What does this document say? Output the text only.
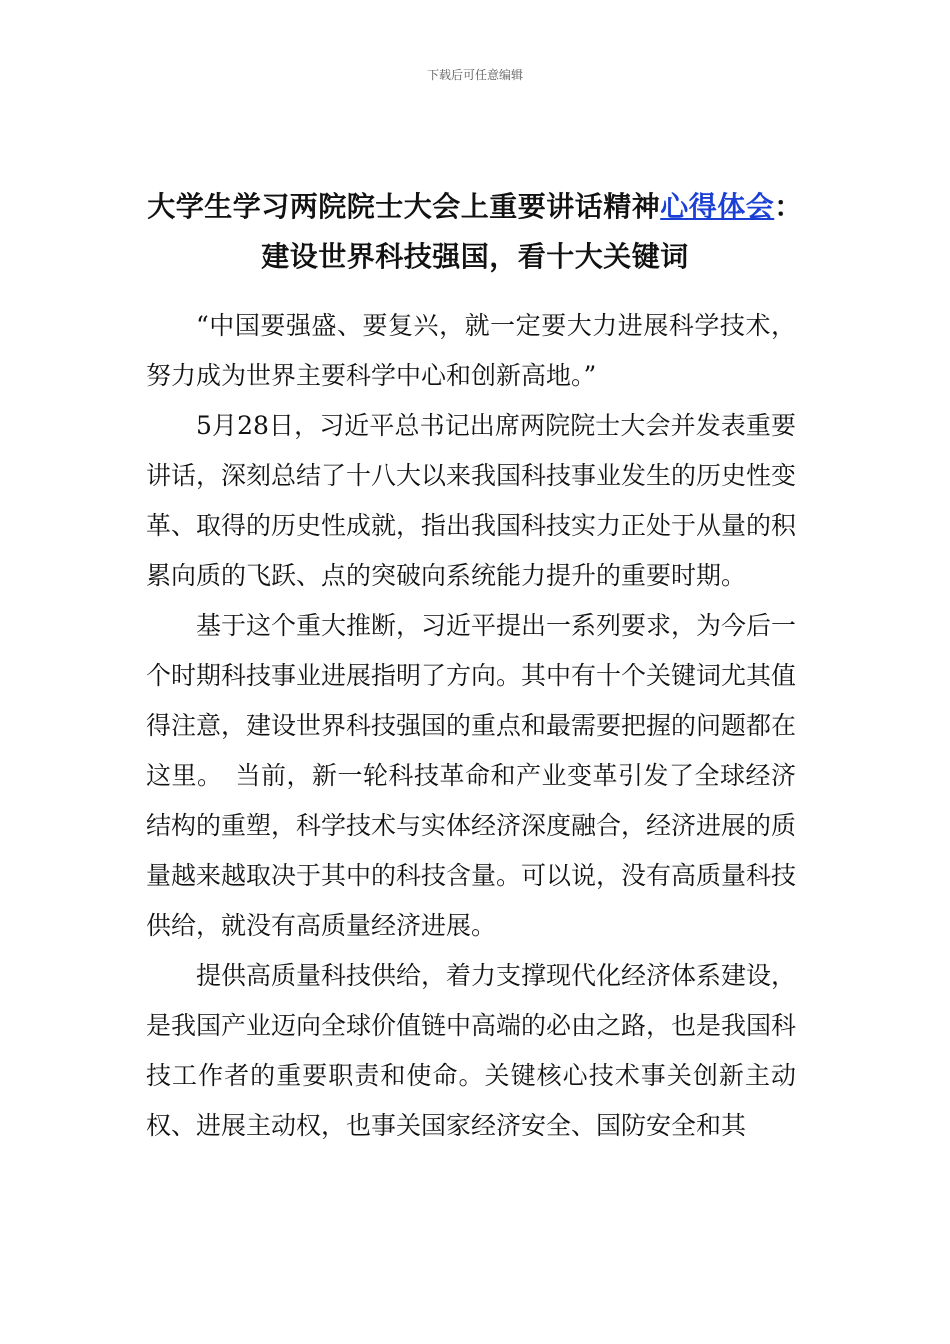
下载后可任意编辑
大学生学习两院院士大会上重要讲话精神心得体会：
建设世界科技强国，看十大关键词

“中国要强盛、要复兴，就一定要大力进展科学技术，努力成为世界主要科学中心和创新高地。”

5月28日，习近平总书记出席两院院士大会并发表重要讲话，深刻总结了十八大以来我国科技事业发生的历史性变革、取得的历史性成就，指出我国科技实力正处于从量的积累向质的飞跃、点的突破向系统能力提升的重要时期。

基于这个重大推断，习近平提出一系列要求，为今后一个时期科技事业进展指明了方向。其中有十个关键词尤其值得注意，建设世界科技强国的重点和最需要把握的问题都在这里。　当前，新一轮科技革命和产业变革引发了全球经济结构的重塑，科学技术与实体经济深度融合，经济进展的质量越来越取决于其中的科技含量。可以说，没有高质量科技供给，就没有高质量经济进展。

提供高质量科技供给，着力支撑现代化经济体系建设，是我国产业迈向全球价值链中高端的必由之路，也是我国科技工作者的重要职责和使命。关键核心技术事关创新主动权、进展主动权，也事关国家经济安全、国防安全和其
